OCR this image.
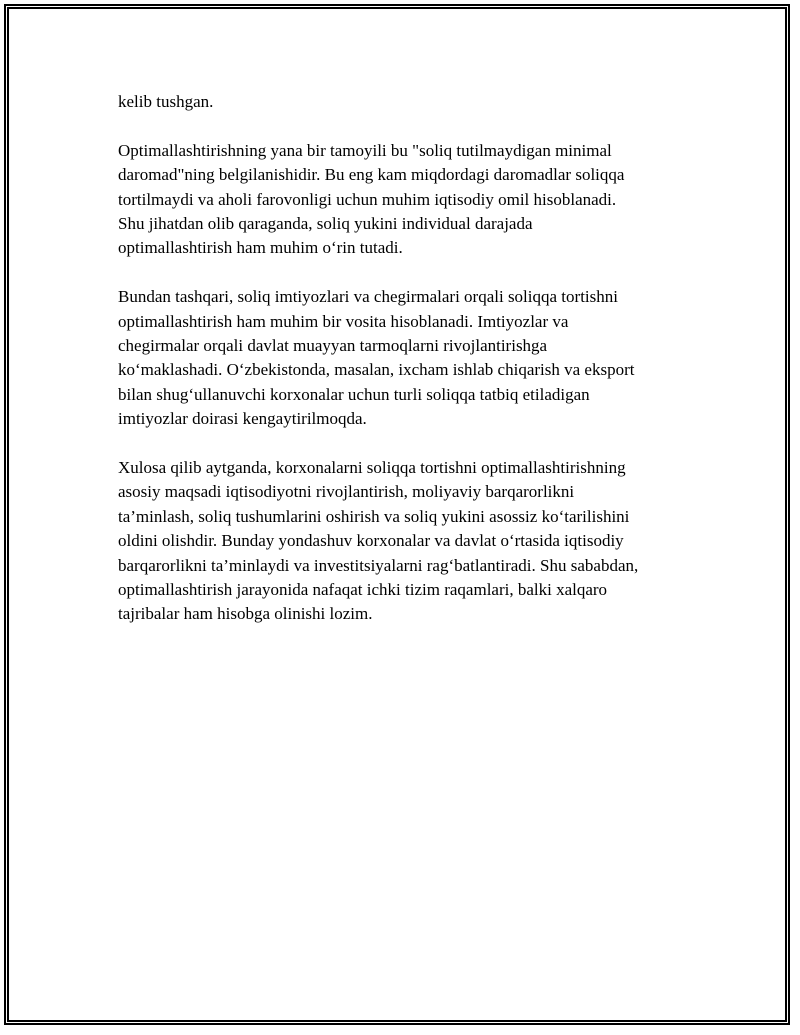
kelib tushgan.

Optimallashtirishning yana bir tamoyili bu "soliq tutilmaydigan minimal
daromad"ning belgilanishidir. Bu eng kam miqdordagi daromadlar soliqqa
tortilmaydi va aholi farovonligi uchun muhim iqtisodiy omil hisoblanadi.
Shu jihatdan olib qaraganda, soliq yukini individual darajada
optimallashtirish ham muhim o‘rin tutadi.

Bundan tashqari, soliq imtiyozlari va chegirmalari orqali soliqqa tortishni
optimallashtirish ham muhim bir vosita hisoblanadi. Imtiyozlar va
chegirmalar orqali davlat muayyan tarmoqlarni rivojlantirishga
ko‘maklashadi. O‘zbekistonda, masalan, ixcham ishlab chiqarish va eksport
bilan shug‘ullanuvchi korxonalar uchun turli soliqqa tatbiq etiladigan
imtiyozlar doirasi kengaytirilmoqda.

Xulosa qilib aytganda, korxonalarni soliqqa tortishni optimallashtirishning
asosiy maqsadi iqtisodiyotni rivojlantirish, moliyaviy barqarorlikni
ta’minlash, soliq tushumlarini oshirish va soliq yukini asossiz ko‘tarilishini
oldini olishdir. Bunday yondashuv korxonalar va davlat o‘rtasida iqtisodiy
barqarorlikni ta’minlaydi va investitsiyalarni rag‘batlantiradi. Shu sababdan,
optimallashtirish jarayonida nafaqat ichki tizim raqamlari, balki xalqaro
tajribalar ham hisobga olinishi lozim.
